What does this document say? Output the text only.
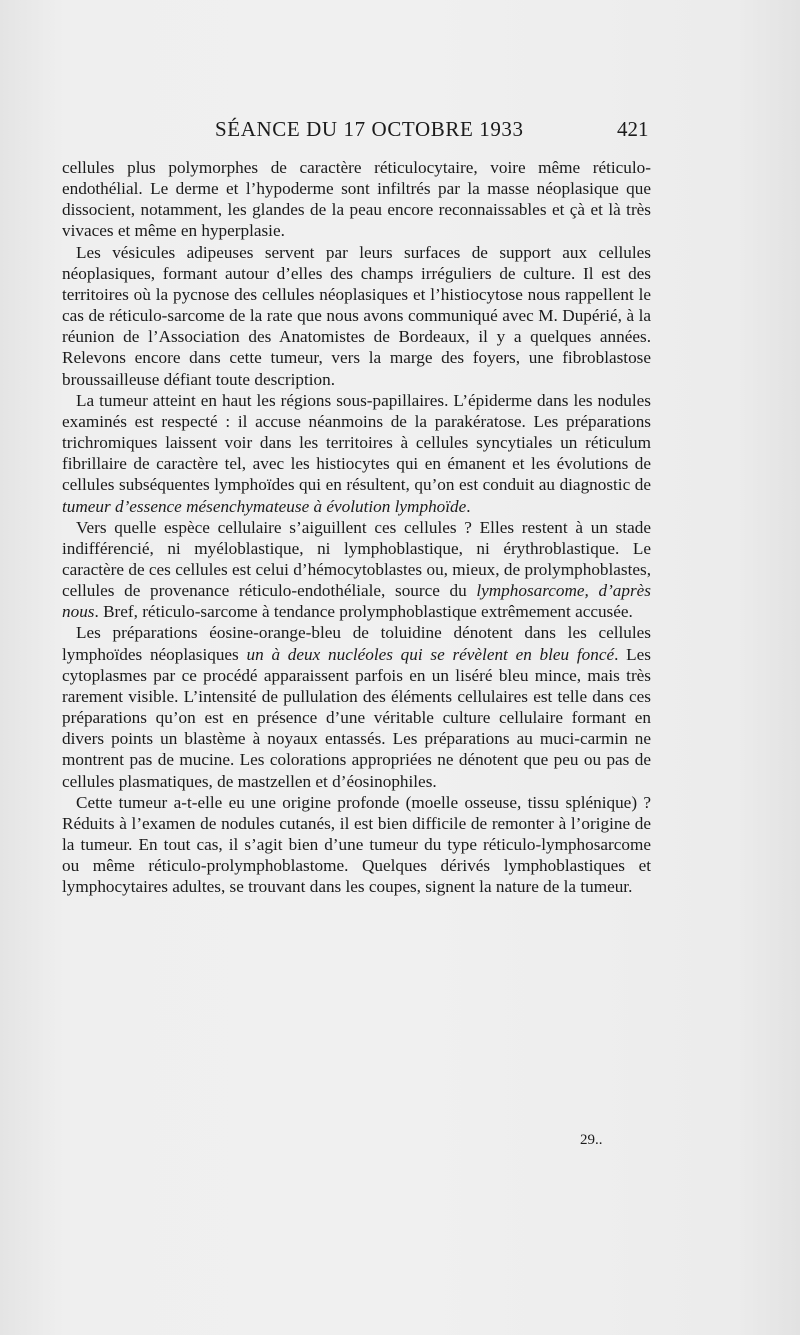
SÉANCE DU 17 OCTOBRE 1933	421

cellules plus polymorphes de caractère réticulocytaire, voire même réticulo-endothélial. Le derme et l’hypoderme sont infiltrés par la masse néoplasique que dissocient, notamment, les glandes de la peau encore reconnaissables et çà et là très vivaces et même en hyperplasie.

Les vésicules adipeuses servent par leurs surfaces de support aux cellules néoplasiques, formant autour d’elles des champs irréguliers de culture. Il est des territoires où la pycnose des cellules néoplasiques et l’histiocytose nous rappellent le cas de réticulo-sarcome de la rate que nous avons communiqué avec M. Dupérié, à la réunion de l’Association des Anatomistes de Bordeaux, il y a quelques années. Relevons encore dans cette tumeur, vers la marge des foyers, une fibroblastose broussailleuse défiant toute description.

La tumeur atteint en haut les régions sous-papillaires. L’épiderme dans les nodules examinés est respecté : il accuse néanmoins de la parakératose. Les préparations trichromiques laissent voir dans les territoires à cellules syncytiales un réticulum fibrillaire de caractère tel, avec les histiocytes qui en émanent et les évolutions de cellules subséquentes lymphoïdes qui en résultent, qu’on est conduit au diagnostic de tumeur d’essence mésenchymateuse à évolution lymphoïde.

Vers quelle espèce cellulaire s’aiguillent ces cellules ? Elles restent à un stade indifférencié, ni myéloblastique, ni lymphoblastique, ni érythroblastique. Le caractère de ces cellules est celui d’hémocytoblastes ou, mieux, de prolymphoblastes, cellules de provenance réticulo-endothéliale, source du lymphosarcome, d’après nous. Bref, réticulo-sarcome à tendance prolymphoblastique extrêmement accusée.

Les préparations éosine-orange-bleu de toluidine dénotent dans les cellules lymphoïdes néoplasiques un à deux nucléoles qui se révèlent en bleu foncé. Les cytoplasmes par ce procédé apparaissent parfois en un liséré bleu mince, mais très rarement visible. L’intensité de pullulation des éléments cellulaires est telle dans ces préparations qu’on est en présence d’une véritable culture cellulaire formant en divers points un blastème à noyaux entassés. Les préparations au muci-carmin ne montrent pas de mucine. Les colorations appropriées ne dénotent que peu ou pas de cellules plasmatiques, de mastzellen et d’éosinophiles.

Cette tumeur a-t-elle eu une origine profonde (moelle osseuse, tissu splénique) ? Réduits à l’examen de nodules cutanés, il est bien difficile de remonter à l’origine de la tumeur. En tout cas, il s’agit bien d’une tumeur du type réticulo-lymphosarcome ou même réticulo-prolymphoblastome. Quelques dérivés lymphoblastiques et lymphocytaires adultes, se trouvant dans les coupes, signent la nature de la tumeur.

29..
